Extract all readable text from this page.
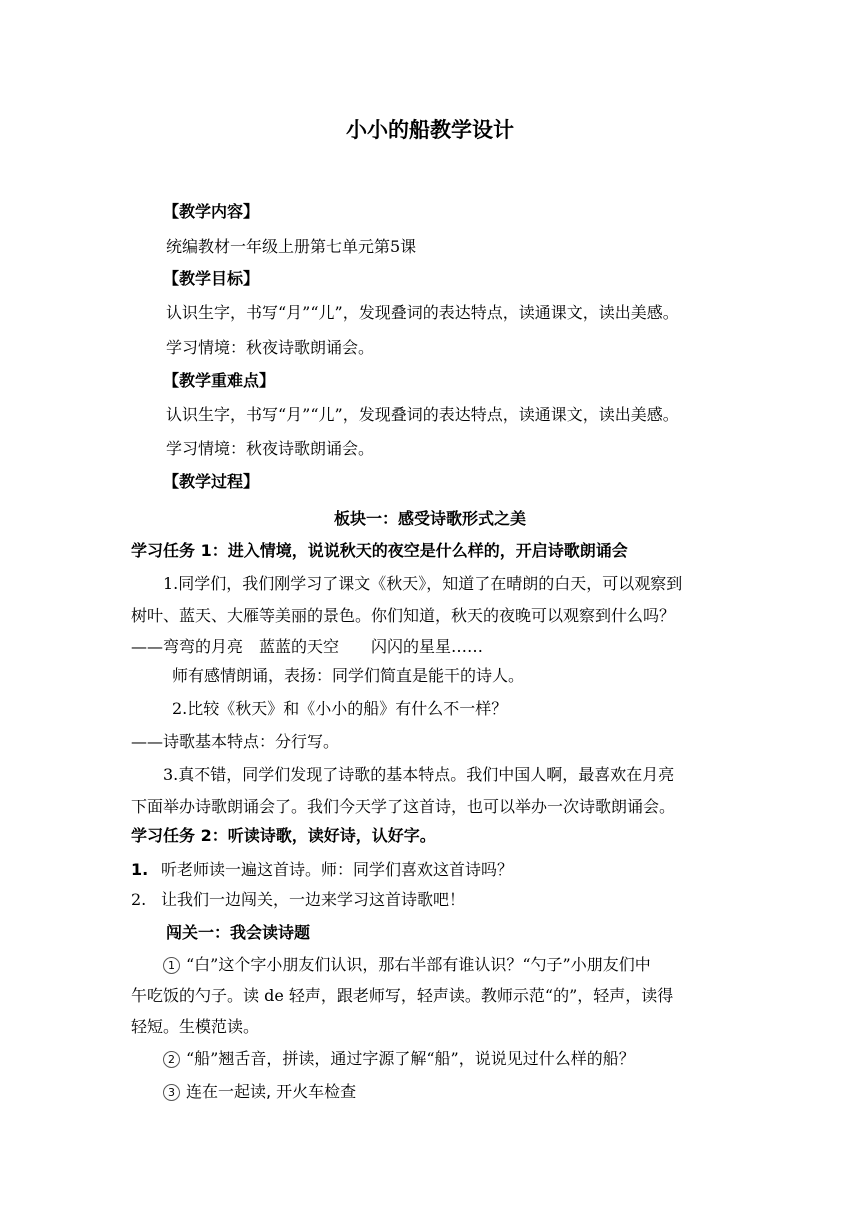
小小的船教学设计
【教学内容】
统编教材一年级上册第七单元第5课
【教学目标】
认识生字，书写“月”“儿”，发现叠词的表达特点，读通课文，读出美感。
学习情境：秋夜诗歌朗诵会。
【教学重难点】
认识生字，书写“月”“儿”，发现叠词的表达特点，读通课文，读出美感。
学习情境：秋夜诗歌朗诵会。
【教学过程】
板块一：感受诗歌形式之美
学习任务 1：进入情境，说说秋天的夜空是什么样的，开启诗歌朗诵会
1.同学们，我们刚学习了课文《秋天》，知道了在晴朗的白天，可以观察到
树叶、蓝天、大雁等美丽的景色。你们知道，秋天的夜晚可以观察到什么吗？
——弯弯的月亮　蓝蓝的天空　　闪闪的星星……
师有感情朗诵，表扬：同学们简直是能干的诗人。
2.比较《秋天》和《小小的船》有什么不一样？
——诗歌基本特点：分行写。
3.真不错，同学们发现了诗歌的基本特点。我们中国人啊，最喜欢在月亮
下面举办诗歌朗诵会了。我们今天学了这首诗，也可以举办一次诗歌朗诵会。
学习任务 2：听读诗歌，读好诗，认好字。
1. 听老师读一遍这首诗。师：同学们喜欢这首诗吗？
2. 让我们一边闯关，一边来学习这首诗歌吧！
闯关一：我会读诗题
1 “白”这个字小朋友们认识，那右半部有谁认识？“勺子”小朋友们中
午吃饭的勺子。读 de 轻声，跟老师写，轻声读。教师示范“的”，轻声，读得
轻短。生模范读。
2 “船”翘舌音，拼读，通过字源了解“船”，说说见过什么样的船？
3 连在一起读, 开火车检查
